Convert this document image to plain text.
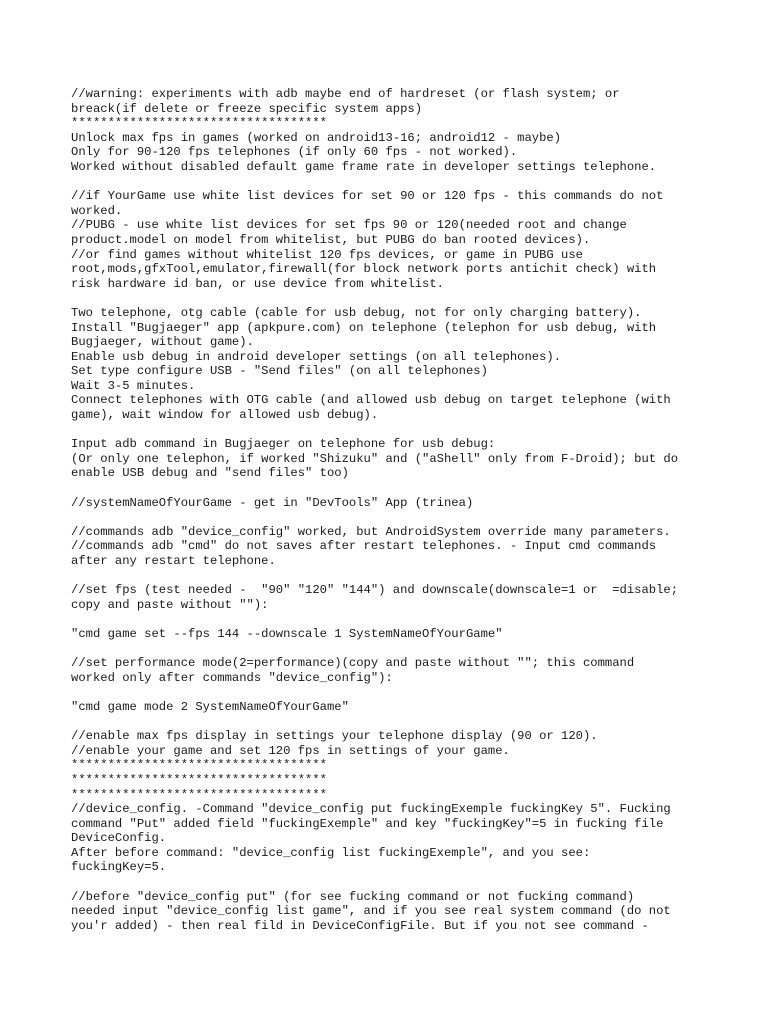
//warning: experiments with adb maybe end of hardreset (or flash system; or
breack(if delete or freeze specific system apps)
***********************************
Unlock max fps in games (worked on android13-16; android12 - maybe)
Only for 90-120 fps telephones (if only 60 fps - not worked).
Worked without disabled default game frame rate in developer settings telephone.
//if YourGame use white list devices for set 90 or 120 fps - this commands do not
worked.
//PUBG - use white list devices for set fps 90 or 120(needed root and change
product.model on model from whitelist, but PUBG do ban rooted devices).
//or find games without whitelist 120 fps devices, or game in PUBG use
root,mods,gfxTool,emulator,firewall(for block network ports antichit check) with
risk hardware id ban, or use device from whitelist.
Two telephone, otg cable (cable for usb debug, not for only charging battery).
Install "Bugjaeger" app (apkpure.com) on telephone (telephon for usb debug, with
Bugjaeger, without game).
Enable usb debug in android developer settings (on all telephones).
Set type configure USB - "Send files" (on all telephones)
Wait 3-5 minutes.
Connect telephones with OTG cable (and allowed usb debug on target telephone (with
game), wait window for allowed usb debug).
Input adb command in Bugjaeger on telephone for usb debug:
(Or only one telephon, if worked "Shizuku" and ("aShell" only from F-Droid); but do
enable USB debug and "send files" too)
//systemNameOfYourGame - get in "DevTools" App (trinea)
//commands adb "device_config" worked, but AndroidSystem override many parameters.
//commands adb "cmd" do not saves after restart telephones. - Input cmd commands
after any restart telephone.
//set fps (test needed -  "90" "120" "144") and downscale(downscale=1 or  =disable;
copy and paste without ""):
"cmd game set --fps 144 --downscale 1 SystemNameOfYourGame"
//set performance mode(2=performance)(copy and paste without ""; this command
worked only after commands "device_config"):
"cmd game mode 2 SystemNameOfYourGame"
//enable max fps display in settings your telephone display (90 or 120).
//enable your game and set 120 fps in settings of your game.
***********************************
***********************************
***********************************
//device_config. -Command "device_config put fuckingExemple fuckingKey 5". Fucking
command "Put" added field "fuckingExemple" and key "fuckingKey"=5 in fucking file
DeviceConfig.
After before command: "device_config list fuckingExemple", and you see:
fuckingKey=5.
//before "device_config put" (for see fucking command or not fucking command)
needed input "device_config list game", and if you see real system command (do not
you'r added) - then real fild in DeviceConfigFile. But if you not see command -
